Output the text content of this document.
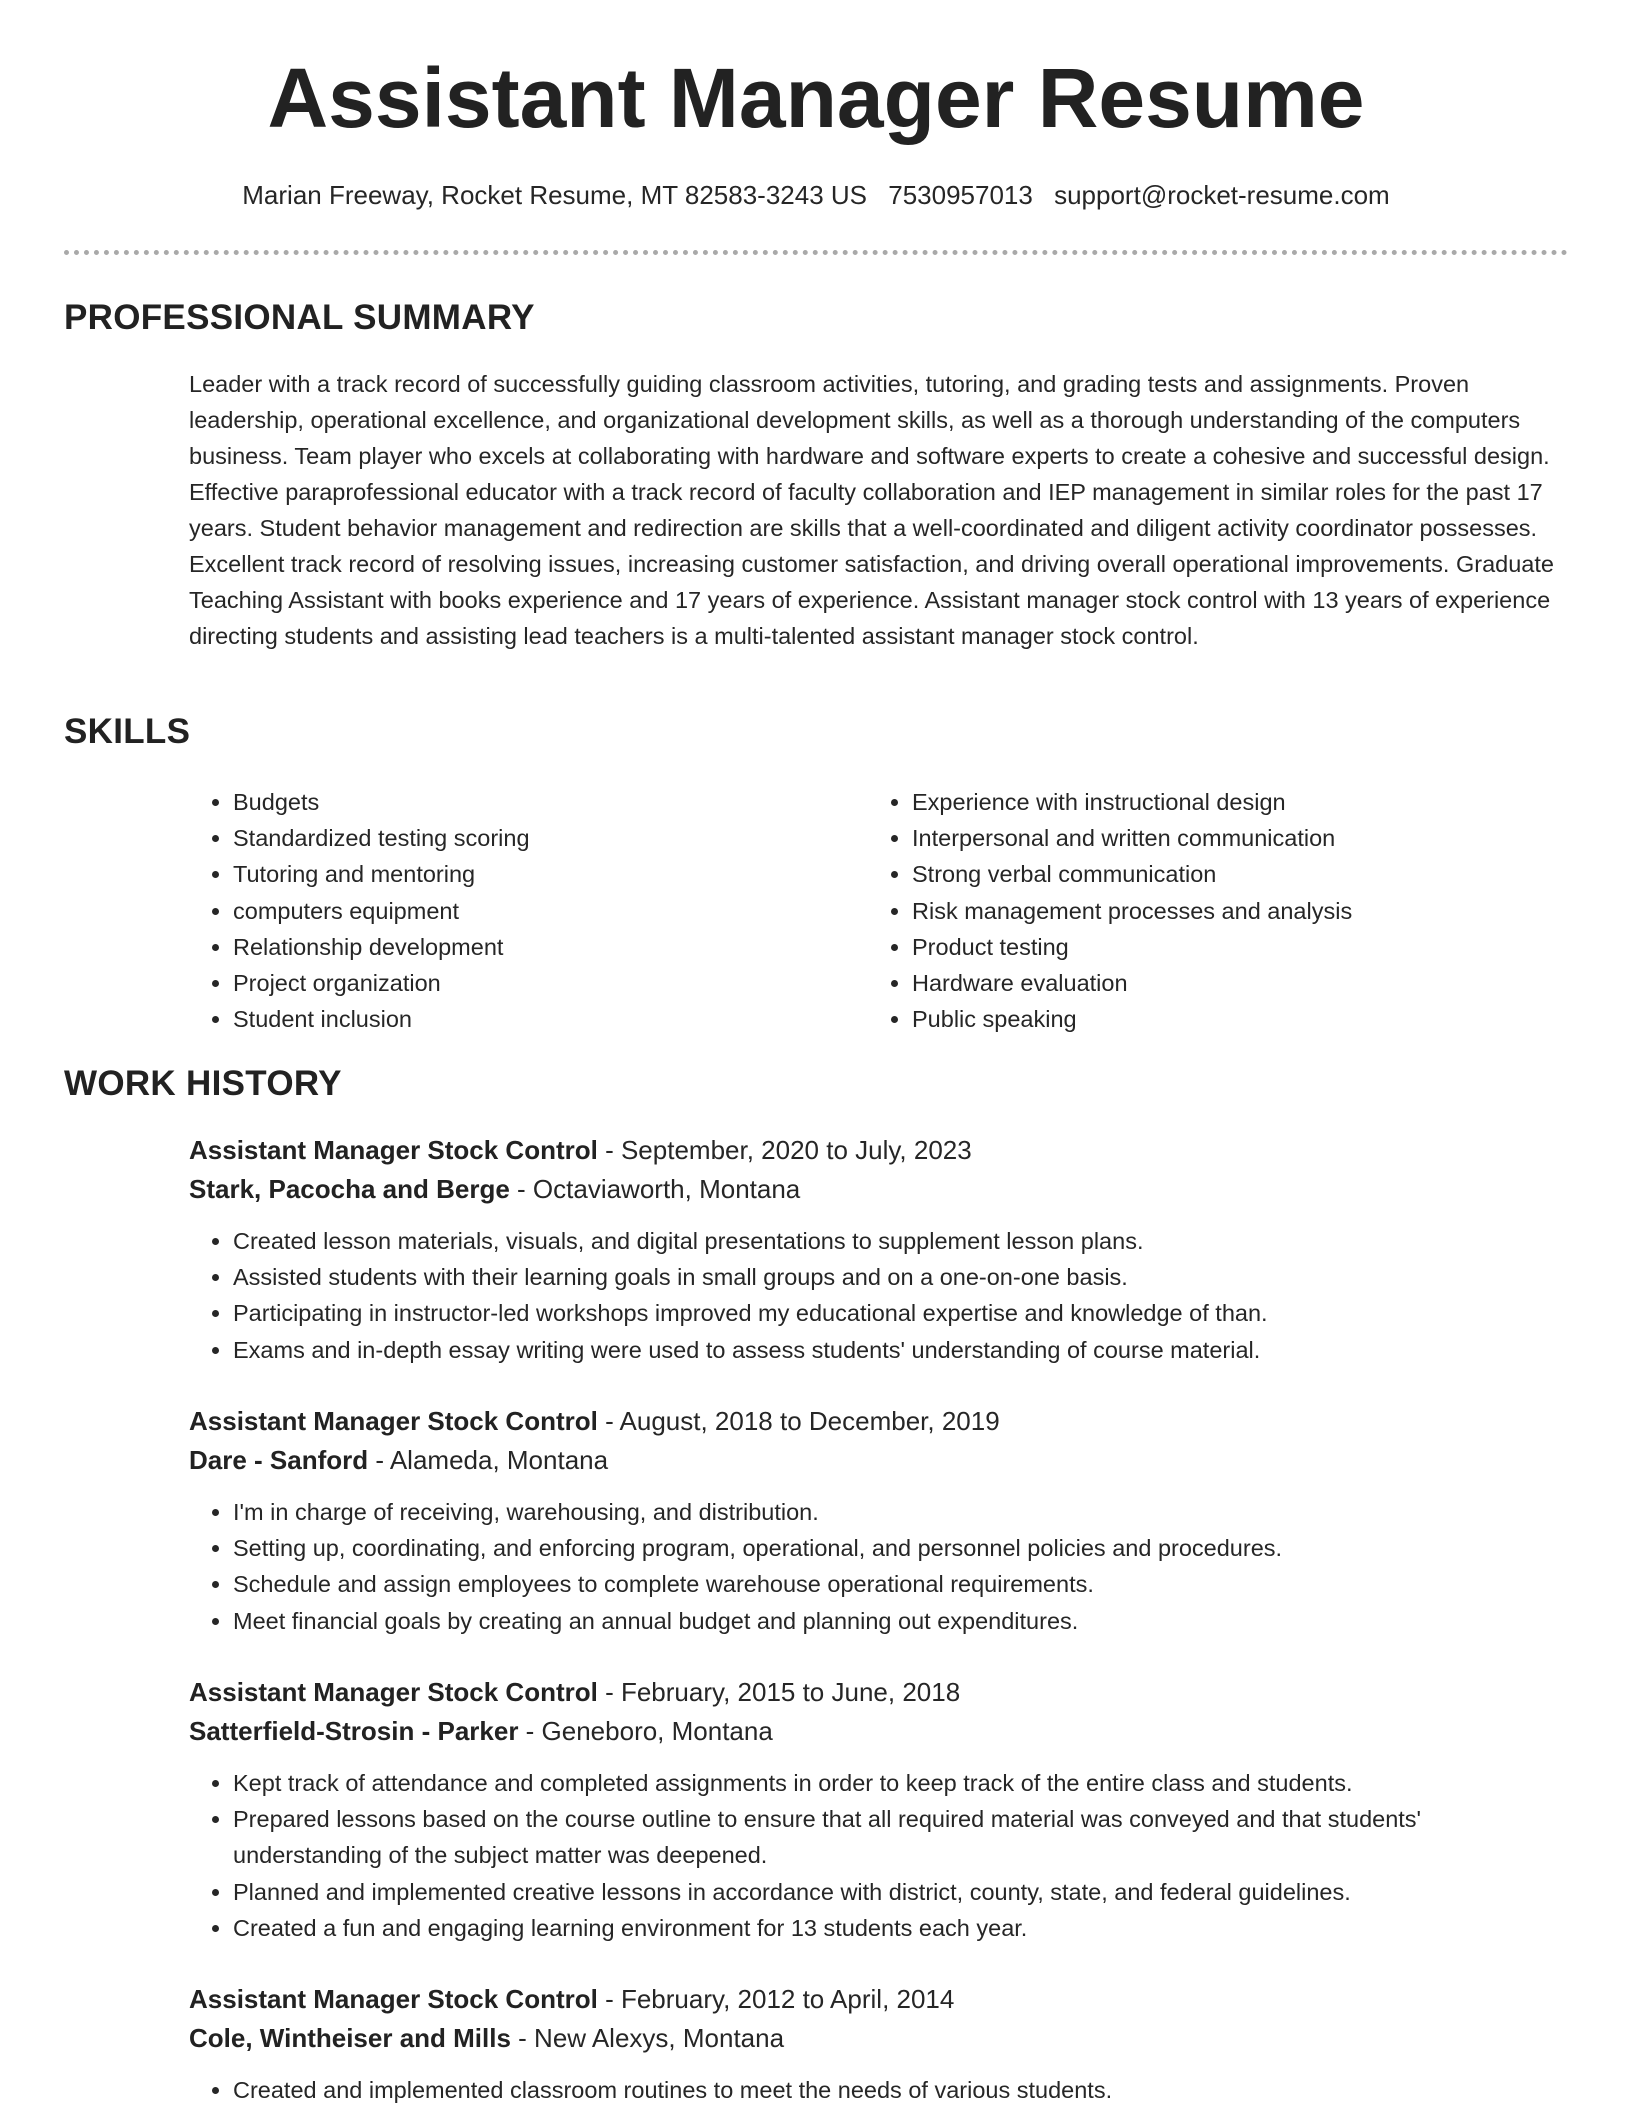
Assistant Manager Resume
Marian Freeway, Rocket Resume, MT 82583-3243 US 7530957013 support@rocket-resume.com
PROFESSIONAL SUMMARY
Leader with a track record of successfully guiding classroom activities, tutoring, and grading tests and assignments. Proven leadership, operational excellence, and organizational development skills, as well as a thorough understanding of the computers business. Team player who excels at collaborating with hardware and software experts to create a cohesive and successful design. Effective paraprofessional educator with a track record of faculty collaboration and IEP management in similar roles for the past 17 years. Student behavior management and redirection are skills that a well-coordinated and diligent activity coordinator possesses. Excellent track record of resolving issues, increasing customer satisfaction, and driving overall operational improvements. Graduate Teaching Assistant with books experience and 17 years of experience. Assistant manager stock control with 13 years of experience directing students and assisting lead teachers is a multi-talented assistant manager stock control.
SKILLS
• Budgets
• Standardized testing scoring
• Tutoring and mentoring
• computers equipment
• Relationship development
• Project organization
• Student inclusion
• Experience with instructional design
• Interpersonal and written communication
• Strong verbal communication
• Risk management processes and analysis
• Product testing
• Hardware evaluation
• Public speaking
WORK HISTORY
Assistant Manager Stock Control - September, 2020 to July, 2023
Stark, Pacocha and Berge - Octaviaworth, Montana
• Created lesson materials, visuals, and digital presentations to supplement lesson plans.
• Assisted students with their learning goals in small groups and on a one-on-one basis.
• Participating in instructor-led workshops improved my educational expertise and knowledge of than.
• Exams and in-depth essay writing were used to assess students' understanding of course material.
Assistant Manager Stock Control - August, 2018 to December, 2019
Dare - Sanford - Alameda, Montana
• I'm in charge of receiving, warehousing, and distribution.
• Setting up, coordinating, and enforcing program, operational, and personnel policies and procedures.
• Schedule and assign employees to complete warehouse operational requirements.
• Meet financial goals by creating an annual budget and planning out expenditures.
Assistant Manager Stock Control - February, 2015 to June, 2018
Satterfield-Strosin - Parker - Geneboro, Montana
• Kept track of attendance and completed assignments in order to keep track of the entire class and students.
• Prepared lessons based on the course outline to ensure that all required material was conveyed and that students' understanding of the subject matter was deepened.
• Planned and implemented creative lessons in accordance with district, county, state, and federal guidelines.
• Created a fun and engaging learning environment for 13 students each year.
Assistant Manager Stock Control - February, 2012 to April, 2014
Cole, Wintheiser and Mills - New Alexys, Montana
• Created and implemented classroom routines to meet the needs of various students.
